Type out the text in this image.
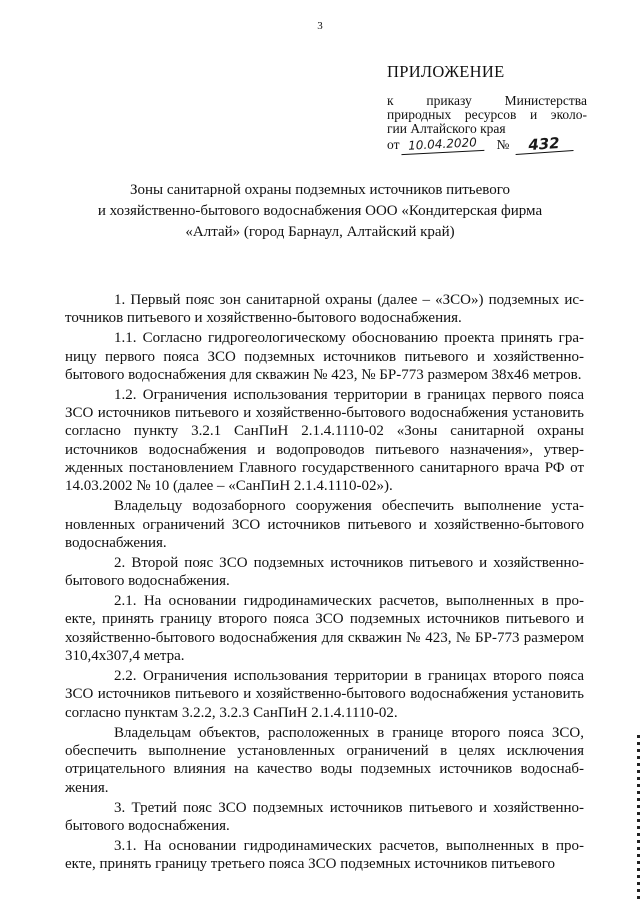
3
ПРИЛОЖЕНИЕ
к приказу Министерства
природных ресурсов и эколо-
гии Алтайского края
от 10.04.2020	№	432
Зоны санитарной охраны подземных источников питьевого
и хозяйственно-бытового водоснабжения ООО «Кондитерская фирма
«Алтай» (город Барнаул, Алтайский край)

1. Первый пояс зон санитарной охраны (далее – «ЗСО») подземных источников питьевого и хозяйственно-бытового водоснабжения.

1.1. Согласно гидрогеологическому обоснованию проекта принять границу первого пояса ЗСО подземных источников питьевого и хозяйственно-бытового водоснабжения для скважин № 423, № БР-773 размером 38х46 метров.

1.2. Ограничения использования территории в границах первого пояса ЗСО источников питьевого и хозяйственно-бытового водоснабжения установить согласно пункту 3.2.1 СанПиН 2.1.4.1110-02 «Зоны санитарной охраны источников водоснабжения и водопроводов питьевого назначения», утвержденных постановлением Главного государственного санитарного врача РФ от 14.03.2002 № 10 (далее – «СанПиН 2.1.4.1110-02»).

Владельцу водозаборного сооружения обеспечить выполнение установленных ограничений ЗСО источников питьевого и хозяйственно-бытового водоснабжения.

2. Второй пояс ЗСО подземных источников питьевого и хозяйственно-бытового водоснабжения.

2.1. На основании гидродинамических расчетов, выполненных в проекте, принять границу второго пояса ЗСО подземных источников питьевого и хозяйственно-бытового водоснабжения для скважин № 423, № БР-773 размером 310,4х307,4 метра.

2.2. Ограничения использования территории в границах второго пояса ЗСО источников питьевого и хозяйственно-бытового водоснабжения установить согласно пунктам 3.2.2, 3.2.3 СанПиН 2.1.4.1110-02.

Владельцам объектов, расположенных в границе второго пояса ЗСО, обеспечить выполнение установленных ограничений в целях исключения отрицательного влияния на качество воды подземных источников водоснабжения.

3. Третий пояс ЗСО подземных источников питьевого и хозяйственно-бытового водоснабжения.

3.1. На основании гидродинамических расчетов, выполненных в проекте, принять границу третьего пояса ЗСО подземных источников питьевого
